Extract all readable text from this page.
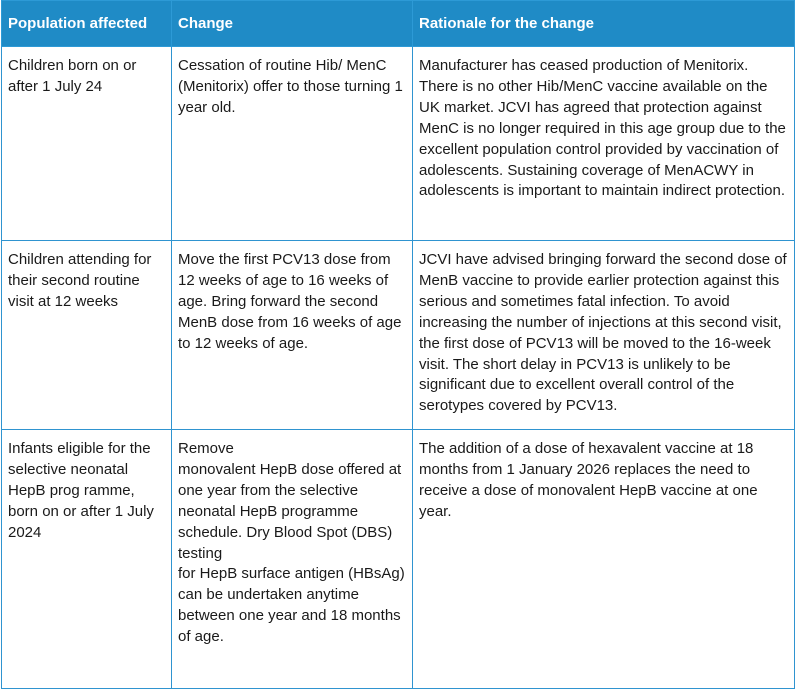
Population affected	Change	Rationale for the change
Children born on or after 1 July 24	Cessation of routine Hib/ MenC (Menitorix) offer to those turning 1 year old.	Manufacturer has ceased production of Menitorix. There is no other Hib/MenC vaccine available on the UK market. JCVI has agreed that protection against MenC is no longer required in this age group due to the excellent population control provided by vaccination of adolescents. Sustaining coverage of MenACWY in adolescents is important to maintain indirect protection.
Children attending for their second routine visit at 12 weeks	Move the first PCV13 dose from 12 weeks of age to 16 weeks of age. Bring forward the second MenB dose from 16 weeks of age to 12 weeks of age.	JCVI have advised bringing forward the second dose of MenB vaccine to provide earlier protection against this serious and sometimes fatal infection. To avoid increasing the number of injections at this second visit, the first dose of PCV13 will be moved to the 16-week visit. The short delay in PCV13 is unlikely to be significant due to excellent overall control of the serotypes covered by PCV13.
Infants eligible for the selective neonatal HepB prog ramme, born on or after 1 July 2024	Remove
monovalent HepB dose offered at one year from the selective
neonatal HepB programme schedule. Dry Blood Spot (DBS) testing
for HepB surface antigen (HBsAg) can be undertaken anytime between one year and 18 months of age.	The addition of a dose of hexavalent vaccine at 18 months from 1 January 2026 replaces the need to receive a dose of monovalent HepB vaccine at one year.
